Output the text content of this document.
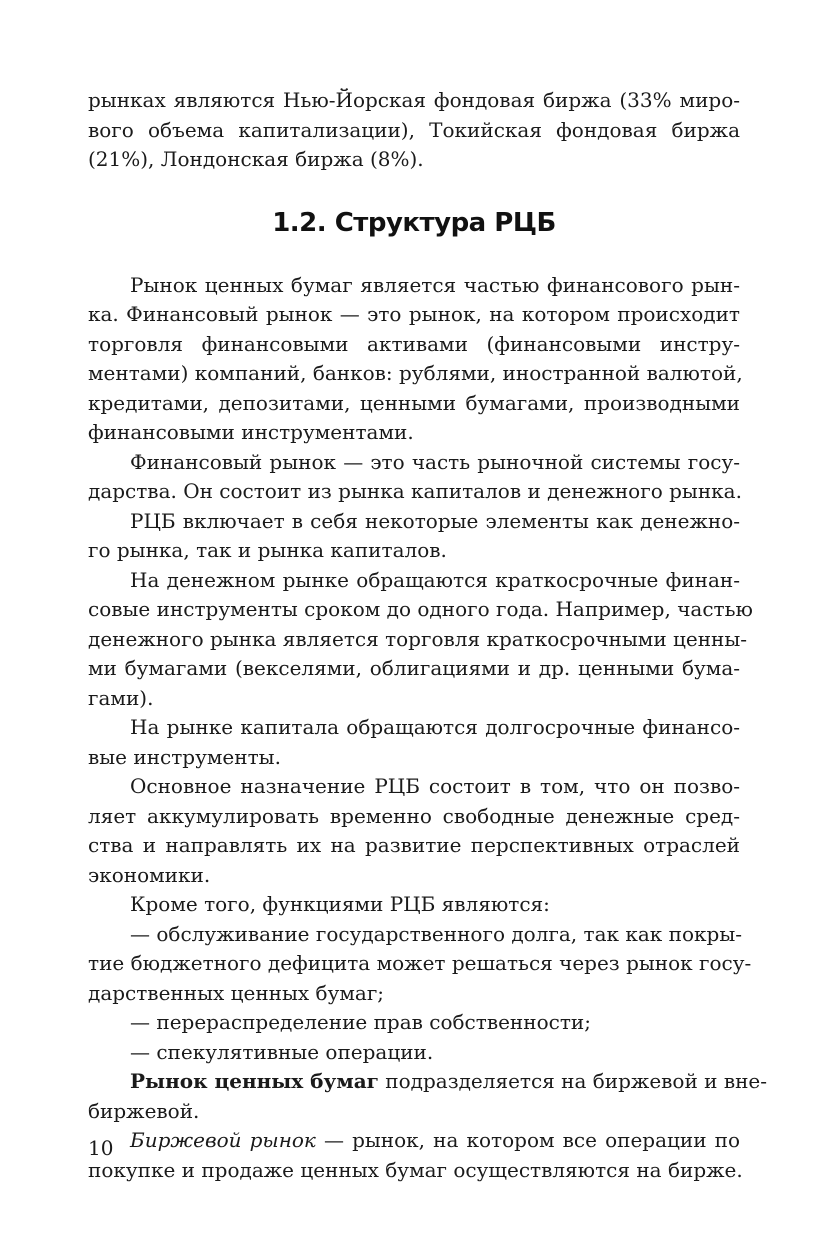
рынках являются Нью-Йорская фондовая биржа (33% миро-
вого объема капитализации), Токийская фондовая биржа
(21%), Лондонская биржа (8%).
1.2. Структура РЦБ
Рынок ценных бумаг является частью финансового рын-
ка. Финансовый рынок — это рынок, на котором происходит
торговля финансовыми активами (финансовыми инстру-
ментами) компаний, банков: рублями, иностранной валютой,
кредитами, депозитами, ценными бумагами, производными
финансовыми инструментами.
Финансовый рынок — это часть рыночной системы госу-
дарства. Он состоит из рынка капиталов и денежного рынка.
РЦБ включает в себя некоторые элементы как денежно-
го рынка, так и рынка капиталов.
На денежном рынке обращаются краткосрочные финан-
совые инструменты сроком до одного года. Например, частью
денежного рынка является торговля краткосрочными ценны-
ми бумагами (векселями, облигациями и др. ценными бума-
гами).
На рынке капитала обращаются долгосрочные финансо-
вые инструменты.
Основное назначение РЦБ состоит в том, что он позво-
ляет аккумулировать временно свободные денежные сред-
ства и направлять их на развитие перспективных отраслей
экономики.
Кроме того, функциями РЦБ являются:
— обслуживание государственного долга, так как покры-
тие бюджетного дефицита может решаться через рынок госу-
дарственных ценных бумаг;
— перераспределение прав собственности;
— спекулятивные операции.
Рынок ценных бумаг подразделяется на биржевой и вне-
биржевой.
Биржевой рынок — рынок, на котором все операции по
покупке и продаже ценных бумаг осуществляются на бирже.
10
